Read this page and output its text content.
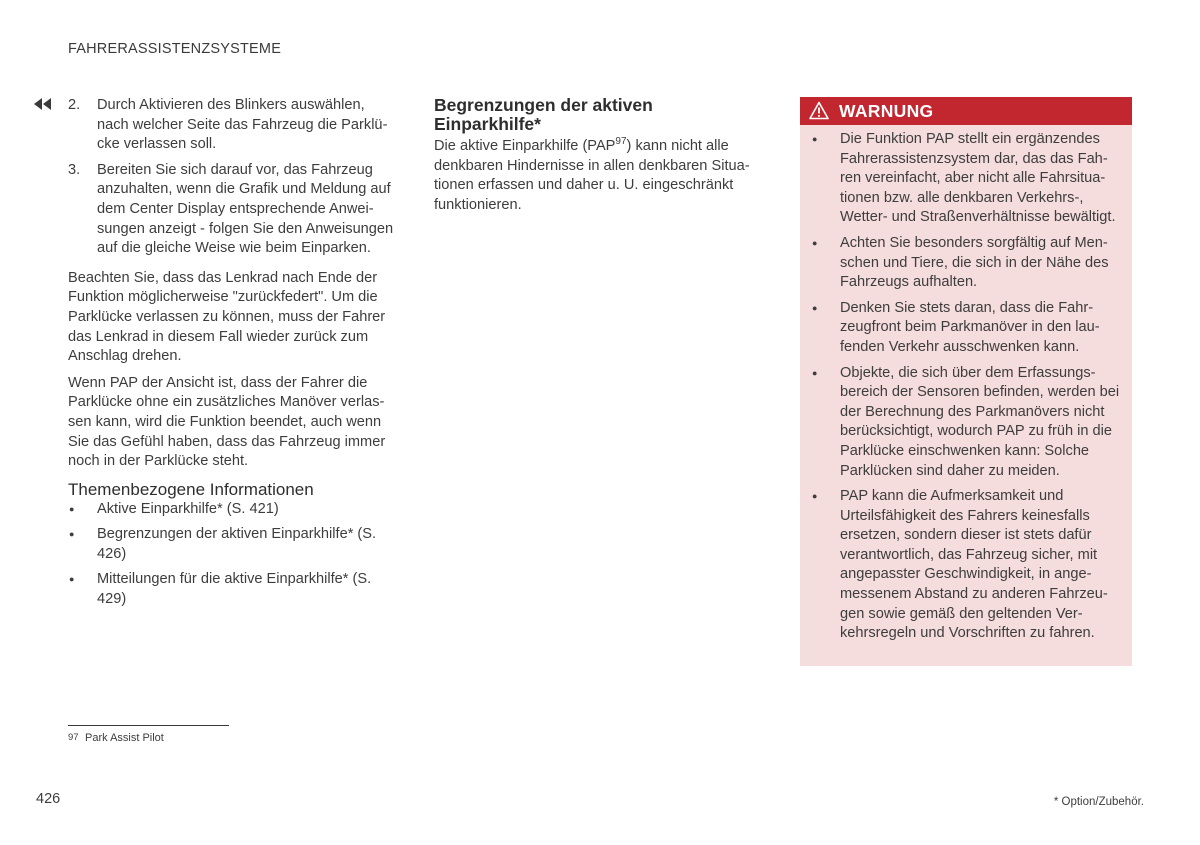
FAHRERASSISTENZSYSTEME
2. Durch Aktivieren des Blinkers auswählen, nach welcher Seite das Fahrzeug die Parklücke verlassen soll.
3. Bereiten Sie sich darauf vor, das Fahrzeug anzuhalten, wenn die Grafik und Meldung auf dem Center Display entsprechende Anweisungen anzeigt - folgen Sie den Anweisungen auf die gleiche Weise wie beim Einparken.

Beachten Sie, dass das Lenkrad nach Ende der Funktion möglicherweise "zurückfedert". Um die Parklücke verlassen zu können, muss der Fahrer das Lenkrad in diesem Fall wieder zurück zum Anschlag drehen.

Wenn PAP der Ansicht ist, dass der Fahrer die Parklücke ohne ein zusätzliches Manöver verlassen kann, wird die Funktion beendet, auch wenn Sie das Gefühl haben, dass das Fahrzeug immer noch in der Parklücke steht.

Themenbezogene Informationen
● Aktive Einparkhilfe* (S. 421)
● Begrenzungen der aktiven Einparkhilfe* (S. 426)
● Mitteilungen für die aktive Einparkhilfe* (S. 429)
Begrenzungen der aktiven Einparkhilfe*

Die aktive Einparkhilfe (PAP$^{97}$) kann nicht alle denkbaren Hindernisse in allen denkbaren Situationen erfassen und daher u. U. eingeschränkt funktionieren.

WARNUNG
● Die Funktion PAP stellt ein ergänzendes Fahrerassistenzsystem dar, das das Fahren vereinfacht, aber nicht alle Fahrsituationen bzw. alle denkbaren Verkehrs-, Wetter- und Straßenverhältnisse bewältigt.
● Achten Sie besonders sorgfältig auf Menschen und Tiere, die sich in der Nähe des Fahrzeugs aufhalten.
● Denken Sie stets daran, dass die Fahrzeugfront beim Parkmanöver in den laufenden Verkehr ausschwenken kann.
● Objekte, die sich über dem Erfassungsbereich der Sensoren befinden, werden bei der Berechnung des Parkmanövers nicht berücksichtigt, wodurch PAP zu früh in die Parklücke einschwenken kann: Solche Parklücken sind daher zu meiden.
● PAP kann die Aufmerksamkeit und Urteilsfähigkeit des Fahrers keinesfalls ersetzen, sondern dieser ist stets dafür verantwortlich, das Fahrzeug sicher, mit angepasster Geschwindigkeit, in angemessenem Abstand zu anderen Fahrzeugen sowie gemäß den geltenden Verkehrsregeln und Vorschriften zu fahren.
97 Park Assist Pilot
426	* Option/Zubehör.
